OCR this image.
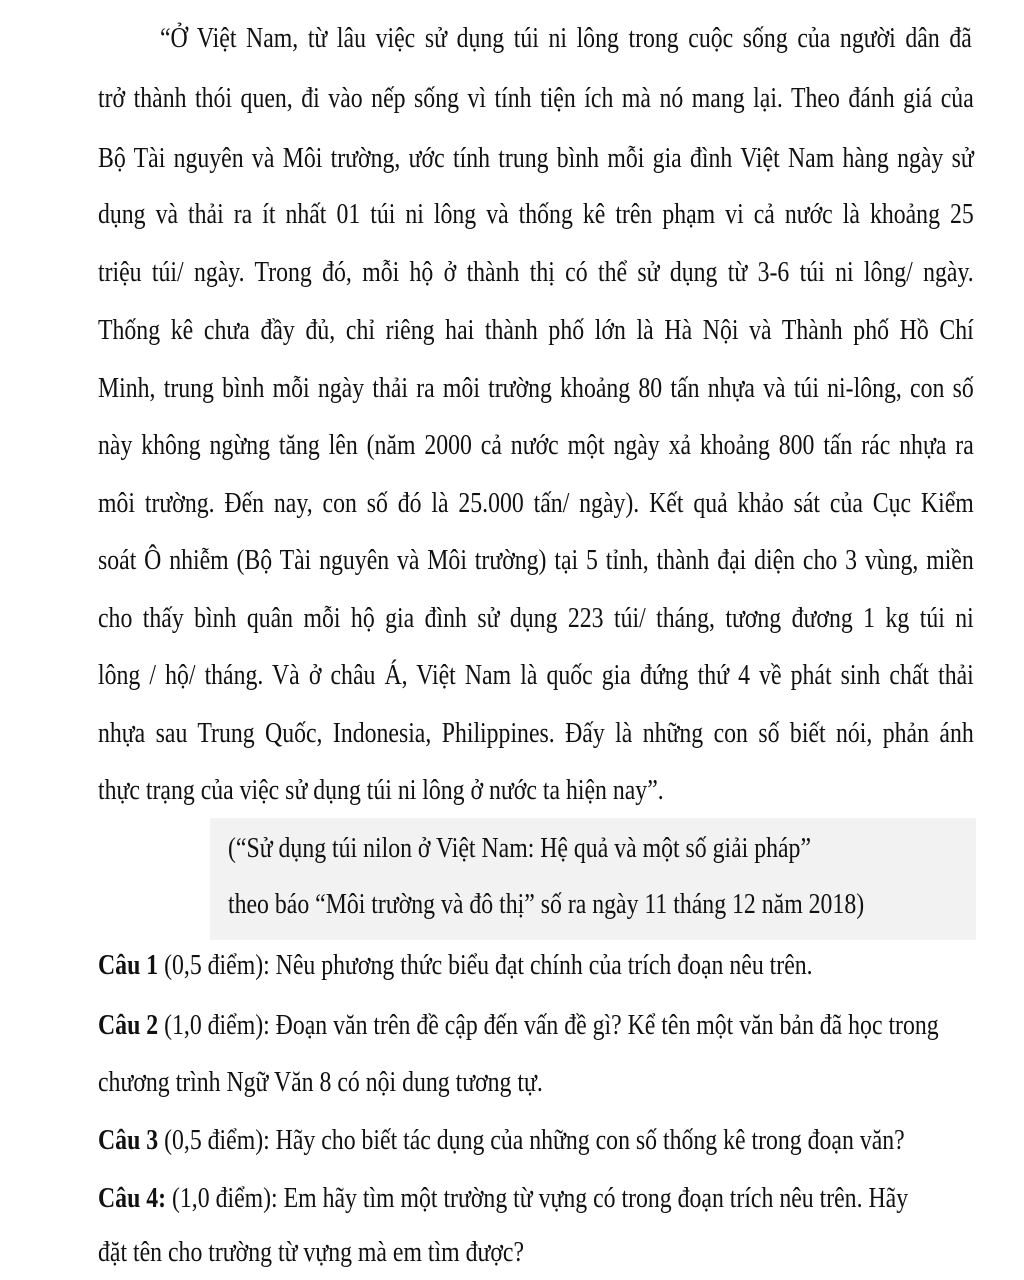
“Ở Việt Nam, từ lâu việc sử dụng túi ni lông trong cuộc sống của người dân đã
trở thành thói quen, đi vào nếp sống vì tính tiện ích mà nó mang lại. Theo đánh giá của
Bộ Tài nguyên và Môi trường, ước tính trung bình mỗi gia đình Việt Nam hàng ngày sử
dụng và thải ra ít nhất 01 túi ni lông và thống kê trên phạm vi cả nước là khoảng 25
triệu túi/ ngày. Trong đó, mỗi hộ ở thành thị có thể sử dụng từ 3-6 túi ni lông/ ngày.
Thống kê chưa đầy đủ, chỉ riêng hai thành phố lớn là Hà Nội và Thành phố Hồ Chí
Minh, trung bình mỗi ngày thải ra môi trường khoảng 80 tấn nhựa và túi ni-lông, con số
này không ngừng tăng lên (năm 2000 cả nước một ngày xả khoảng 800 tấn rác nhựa ra
môi trường. Đến nay, con số đó là 25.000 tấn/ ngày). Kết quả khảo sát của Cục Kiểm
soát Ô nhiễm (Bộ Tài nguyên và Môi trường) tại 5 tỉnh, thành đại diện cho 3 vùng, miền
cho thấy bình quân mỗi hộ gia đình sử dụng 223 túi/ tháng, tương đương 1 kg túi ni
lông / hộ/ tháng. Và ở châu Á, Việt Nam là quốc gia đứng thứ 4 về phát sinh chất thải
nhựa sau Trung Quốc, Indonesia, Philippines. Đấy là những con số biết nói, phản ánh
thực trạng của việc sử dụng túi ni lông ở nước ta hiện nay”.
(“Sử dụng túi nilon ở Việt Nam: Hệ quả và một số giải pháp”
theo báo “Môi trường và đô thị” số ra ngày 11 tháng 12 năm 2018)
Câu 1 (0,5 điểm): Nêu phương thức biểu đạt chính của trích đoạn nêu trên.
Câu 2 (1,0 điểm): Đoạn văn trên đề cập đến vấn đề gì? Kể tên một văn bản đã học trong
chương trình Ngữ Văn 8 có nội dung tương tự.
Câu 3 (0,5 điểm): Hãy cho biết tác dụng của những con số thống kê trong đoạn văn?
Câu 4: (1,0 điểm): Em hãy tìm một trường từ vựng có trong đoạn trích nêu trên. Hãy
đặt tên cho trường từ vựng mà em tìm được?
